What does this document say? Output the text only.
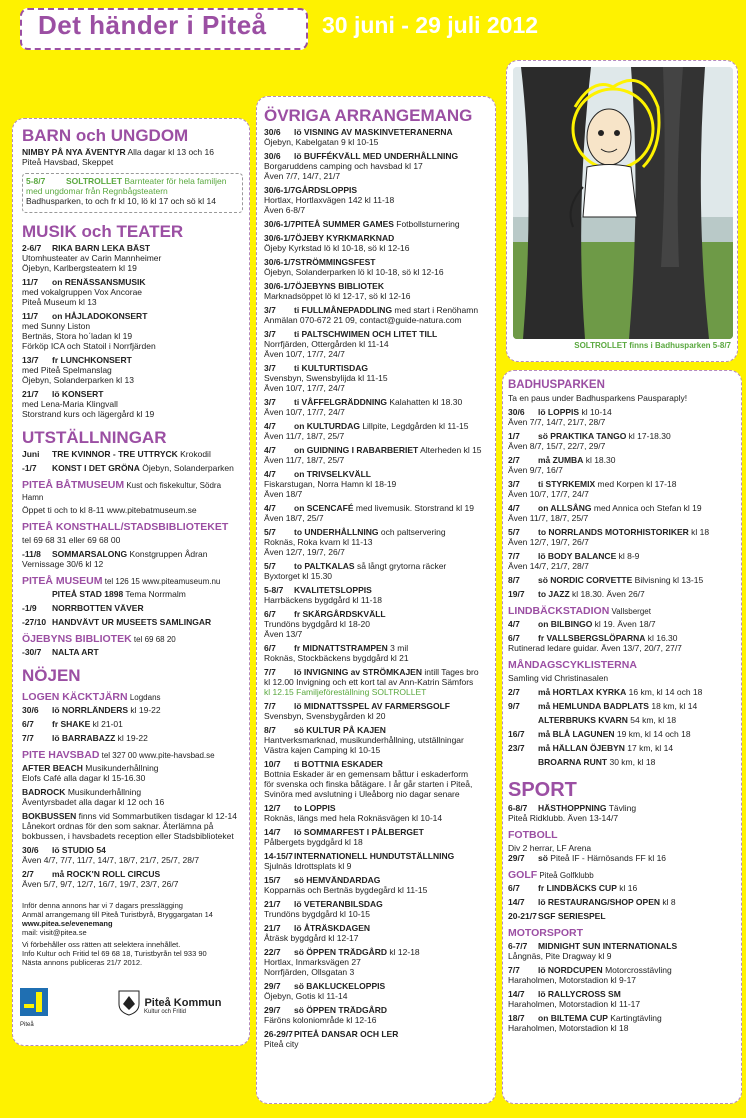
Det händer i Piteå 30 juni - 29 juli 2012
BARN och UNGDOM
NIMBY PÅ NYA ÄVENTYR Alla dagar kl 13 och 16
Piteå Havsbad, Skeppet
5-8/7 SOLTROLLET Barnteater för hela familjen
med ungdomar från Regnbågsteatern
Badhusparken, to och fr kl 10, lö kl 17 och sö kl 14
MUSIK och TEATER
2-6/7 RIKA BARN LEKA BÄST
Utomhusteater av Carin Mannheimer
Öjebyn, Karlbergsteatern kl 19
11/7 on RENÄSSANSMUSIK
med vokalgruppen Vox Ancorae
Piteå Museum kl 13
11/7 on HÅJLADOKONSERT
med Sunny Liston
Bertnäs, Stora hoˊladan kl 19
Förköp ICA och Statoil i Norrfjärden
13/7 fr LUNCHKONSERT
med Piteå Spelmanslag
Öjebyn, Solanderparken kl 13
21/7 lö KONSERT
med Lena-Maria Klingvall
Storstrand kurs och lägergård kl 19
UTSTÄLLNINGAR
Juni TRE KVINNOR - TRE UTTRYCK Krokodil
-1/7 KONST I DET GRÖNA Öjebyn, Solanderparken
PITEÅ BÅTMUSEUM Kust och fiskekultur, Södra Hamn
Öppet ti och to kl 8-11 www.pitebatmuseum.se
PITEÅ KONSTHALL/STADSBIBLIOTEKET
tel 69 68 31 eller 69 68 00
-11/8 SOMMARSALONG Konstgruppen Ådran
Vernissage 30/6 kl 12
PITEÅ MUSEUM tel 126 15 www.piteamuseum.nu
PITEÅ STAD 1898 Tema Norrmalm
-1/9 NORRBOTTEN VÄVER
-27/10 HANDVÄVT UR MUSEETS SAMLINGAR
ÖJEBYNS BIBLIOTEK tel 69 68 20
-30/7 NALTA ART
NÖJEN
LOGEN KÄCKTJÄRN Logdans
30/6 lö NORRLÄNDERS kl 19-22
6/7 fr SHAKE kl 21-01
7/7 lö BARRABAZZ kl 19-22
PITE HAVSBAD tel 327 00 www.pite-havsbad.se
AFTER BEACH Musikunderhållning
Elofs Café alla dagar kl 15-16.30
BADROCK Musikunderhållning
Äventyrsbadet alla dagar kl 12 och 16
BOKBUSSEN finns vid Sommarbutiken tisdagar kl 12-14
Lånekort ordnas för den som saknar. Återlämna på
bokbussen, i havsbadets reception eller Stadsbiblioteket
30/6 lö STUDIO 54
Även 4/7, 7/7, 11/7, 14/7, 18/7, 21/7, 25/7, 28/7
2/7 må ROCK'N ROLL CIRCUS
Även 5/7, 9/7, 12/7, 16/7, 19/7, 23/7, 26/7
Inför denna annons har vi 7 dagars presslägging
Anmäl arrangemang till Piteå Turistbyrå, Bryggargatan 14
www.pitea.se/evenemang
mail: visit@pitea.se
Vi förbehåller oss rätten att selektera innehållet.
Info Kultur och Fritid tel 69 68 18, Turistbyrån tel 933 90
Nästa annons publiceras 21/7 2012.
Piteå
Piteå Kommun
Kultur och Fritid
ÖVRIGA ARRANGEMANG
30/6 lö VISNING AV MASKINVETERANERNA
Öjebyn, Kabelgatan 9 kl 10-15
30/6 lö BUFFÉKVÄLL MED UNDERHÅLLNING
Borgaruddens camping och havsbad kl 17
Även 7/7, 14/7, 21/7
30/6-1/7GÅRDSLOPPIS
Hortlax, Hortlaxvägen 142 kl 11-18
Även 6-8/7
30/6-1/7PITEÅ SUMMER GAMES Fotbollsturnering
30/6-1/7ÖJEBY KYRKMARKNAD
Öjeby Kyrkstad lö kl 10-18, sö kl 12-16
30/6-1/7STRÖMMINGSFEST
Öjebyn, Solanderparken lö kl 10-18, sö kl 12-16
30/6-1/7ÖJEBYNS BIBLIOTEK
Marknadsöppet lö kl 12-17, sö kl 12-16
3/7 ti FULLMÅNEPADDLING med start i Renöhamn
Anmälan 070-672 21 09, contact@guide-natura.com
3/7 ti PALTSCHWIMEN OCH LITET TILL
Norrfjärden, Ottergården kl 11-14
Även 10/7, 17/7, 24/7
3/7 ti KULTURTISDAG
Svensbyn, Swensbylijda kl 11-15
Även 10/7, 17/7, 24/7
3/7 ti VÅFFELGRÄDDNING Kalahatten kl 18.30
Även 10/7, 17/7, 24/7
4/7 on KULTURDAG Lillpite, Legdgården kl 11-15
Även 11/7, 18/7, 25/7
4/7 on GUIDNING I RABARBERIET Alterheden kl 15
Även 11/7, 18/7, 25/7
4/7 on TRIVSELKVÄLL
Fiskarstugan, Norra Hamn kl 18-19
Även 18/7
4/7 on SCENCAFÉ med livemusik. Storstrand kl 19
Även 18/7, 25/7
5/7 to UNDERHÅLLNING och paltservering
Roknäs, Roka kvarn kl 11-13
Även 12/7, 19/7, 26/7
5/7 to PALTKALAS så långt grytorna räcker
Byxtorget kl 15.30
5-8/7 KVALITETSLOPPIS
Harrbäckens bygdgård kl 11-18
6/7 fr SKÄRGÅRDSKVÄLL
Trundöns bygdgård kl 18-20
Även 13/7
6/7 fr MIDNATTSTRAMPEN 3 mil
Roknäs, Stockbäckens bygdgård kl 21
7/7 lö INVIGNING av STRÖMKAJEN intill Tages bro
kl 12.00 Invigning och ett kort tal av Ann-Katrin Sämfors
kl 12.15 Familjeföreställning SOLTROLLET
7/7 lö MIDNATTSSPEL AV FARMERSGOLF
Svensbyn, Svensbygården kl 20
8/7 sö KULTUR PÅ KAJEN
Hantverksmarknad, musikunderhållning, utställningar
Västra kajen Camping kl 10-15
10/7 ti BOTTNIA ESKADER
Bottnia Eskader är en gemensam båttur i eskaderform
för svenska och finska båtägare. I år går starten i Piteå,
Svinöra med avslutning i Uleåborg nio dagar senare
12/7 to LOPPIS
Roknäs, längs med hela Roknäsvägen kl 10-14
14/7 lö SOMMARFEST I PÅLBERGET
Pålbergets bygdgård kl 18
14-15/7INTERNATIONELL HUNDUTSTÄLLNING
Sjulnäs Idrottsplats kl 9
15/7 sö HEMVÄNDARDAG
Kopparnäs och Bertnäs bygdegård kl 11-15
21/7 lö VETERANBILSDAG
Trundöns bygdgård kl 10-15
21/7 lö ÅTRÄSKDAGEN
Åträsk bygdgård kl 12-17
22/7 sö ÖPPEN TRÄDGÅRD kl 12-18
Hortlax, Inmarksvägen 27
Norrfjärden, Ollsgatan 3
29/7 sö BAKLUCKELOPPIS
Öjebyn, Gotis kl 11-14
29/7 sö ÖPPEN TRÄDGÅRD
Färöns koloniområde kl 12-16
26-29/7PITEÅ DANSAR OCH LER
Piteå city
SOLTROLLET finns i Badhusparken 5-8/7
BADHUSPARKEN
Ta en paus under Badhusparkens Pausparaply!
30/6 lö LOPPIS kl 10-14
Även 7/7, 14/7, 21/7, 28/7
1/7 sö PRAKTIKA TANGO kl 17-18.30
Även 8/7, 15/7, 22/7, 29/7
2/7 må ZUMBA kl 18.30
Även 9/7, 16/7
3/7 ti STYRKEMIX med Korpen kl 17-18
Även 10/7, 17/7, 24/7
4/7 on ALLSÅNG med Annica och Stefan kl 19
Även 11/7, 18/7, 25/7
5/7 to NORRLANDS MOTORHISTORIKER kl 18
Även 12/7, 19/7, 26/7
7/7 lö BODY BALANCE kl 8-9
Även 14/7, 21/7, 28/7
8/7 sö NORDIC CORVETTE Bilvisning kl 13-15
19/7 to JAZZ kl 18.30. Även 26/7
LINDBÄCKSTADION Vallsberget
4/7 on BILBINGO kl 19. Även 18/7
6/7 fr VALLSBERGSLÖPARNA kl 16.30
Rutinerad ledare guidar. Även 13/7, 20/7, 27/7
MÅNDAGSCYKLISTERNA
Samling vid Christinasalen
2/7 må HORTLAX KYRKA 16 km, kl 14 och 18
9/7 må HEMLUNDA BADPLATS 18 km, kl 14
ALTERBRUKS KVARN 54 km, kl 18
16/7 må BLÅ LAGUNEN 19 km, kl 14 och 18
23/7 må HÄLLAN ÖJEBYN 17 km, kl 14
BROARNA RUNT 30 km, kl 18
SPORT
6-8/7 HÄSTHOPPNING Tävling
Piteå Ridklubb. Även 13-14/7
FOTBOLL
Div 2 herrar, LF Arena
29/7 sö Piteå IF - Härnösands FF kl 16
GOLF Piteå Golfklubb
6/7 fr LINDBÄCKS CUP kl 16
14/7 lö RESTAURANG/SHOP OPEN kl 8
20-21/7SGF SERIESPEL
MOTORSPORT
6-7/7 MIDNIGHT SUN INTERNATIONALS
Långnäs, Pite Dragway kl 9
7/7 lö NORDCUPEN Motorcrosstävling
Haraholmen, Motorstadion kl 9-17
14/7 lö RALLYCROSS SM
Haraholmen, Motorstadion kl 11-17
18/7 on BILTEMA CUP Kartingtävling
Haraholmen, Motorstadion kl 18
